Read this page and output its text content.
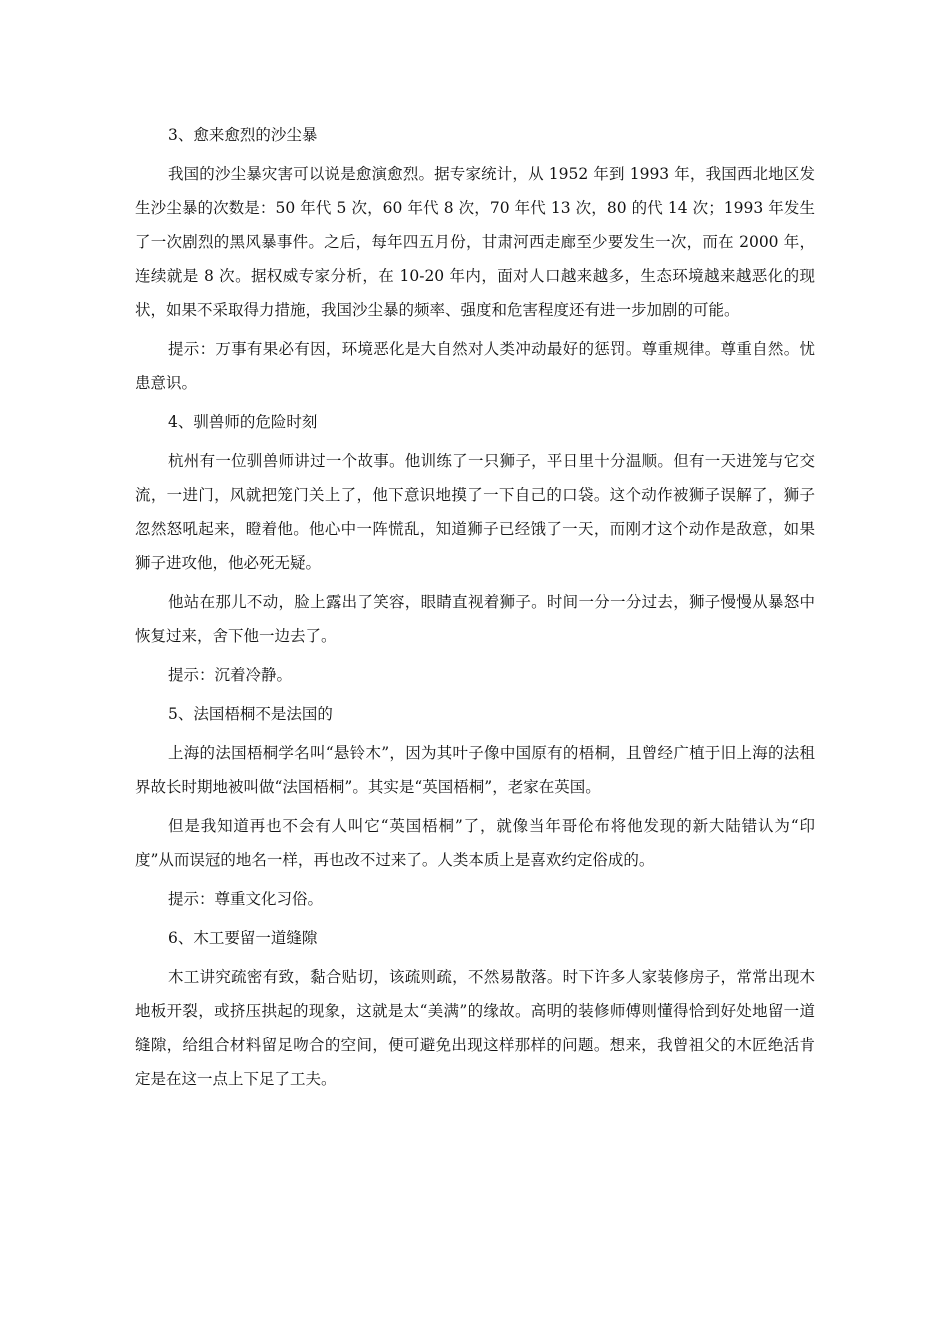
3、愈来愈烈的沙尘暴

我国的沙尘暴灾害可以说是愈演愈烈。据专家统计，从 1952 年到 1993 年，我国西北地区发生沙尘暴的次数是：50 年代 5 次，60 年代 8 次，70 年代 13 次，80 的代 14 次；1993 年发生了一次剧烈的黑风暴事件。之后，每年四五月份，甘肃河西走廊至少要发生一次，而在 2000 年，连续就是 8 次。据权威专家分析，在 10-20 年内，面对人口越来越多，生态环境越来越恶化的现状，如果不采取得力措施，我国沙尘暴的频率、强度和危害程度还有进一步加剧的可能。

提示：万事有果必有因，环境恶化是大自然对人类冲动最好的惩罚。尊重规律。尊重自然。忧患意识。

4、驯兽师的危险时刻

杭州有一位驯兽师讲过一个故事。他训练了一只狮子，平日里十分温顺。但有一天进笼与它交流，一进门，风就把笼门关上了，他下意识地摸了一下自己的口袋。这个动作被狮子误解了，狮子忽然怒吼起来，瞪着他。他心中一阵慌乱，知道狮子已经饿了一天，而刚才这个动作是敌意，如果狮子进攻他，他必死无疑。

他站在那儿不动，脸上露出了笑容，眼睛直视着狮子。时间一分一分过去，狮子慢慢从暴怒中恢复过来，舍下他一边去了。

提示：沉着冷静。

5、法国梧桐不是法国的

上海的法国梧桐学名叫“悬铃木”，因为其叶子像中国原有的梧桐，且曾经广植于旧上海的法租界故长时期地被叫做“法国梧桐”。其实是“英国梧桐”，老家在英国。

但是我知道再也不会有人叫它“英国梧桐”了，就像当年哥伦布将他发现的新大陆错认为“印度”从而误冠的地名一样，再也改不过来了。人类本质上是喜欢约定俗成的。

提示：尊重文化习俗。

6、木工要留一道缝隙

木工讲究疏密有致，黏合贴切，该疏则疏，不然易散落。时下许多人家装修房子，常常出现木地板开裂，或挤压拱起的现象，这就是太“美满”的缘故。高明的装修师傅则懂得恰到好处地留一道缝隙，给组合材料留足吻合的空间，便可避免出现这样那样的问题。想来，我曾祖父的木匠绝活肯定是在这一点上下足了工夫。
